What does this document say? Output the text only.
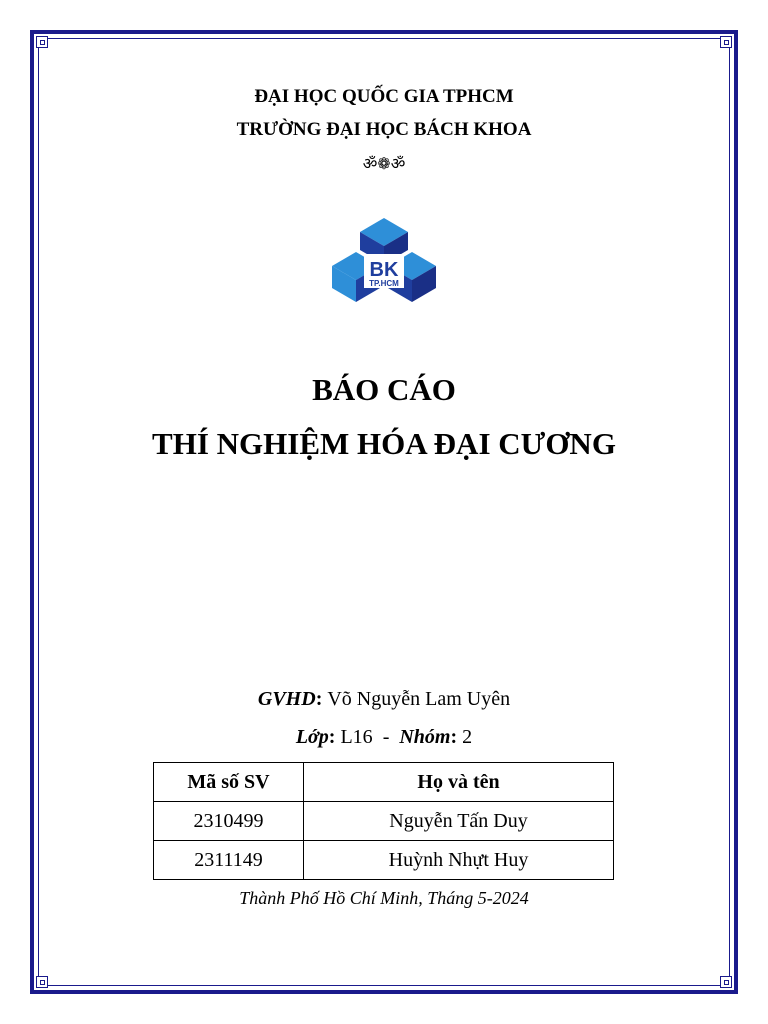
ĐẠI HỌC QUỐC GIA TPHCM
TRƯỜNG ĐẠI HỌC BÁCH KHOA
ॐ❁ॐ
BK
TP.HCM
BÁO CÁO
THÍ NGHIỆM HÓA ĐẠI CƯƠNG
GVHD: Võ Nguyễn Lam Uyên
Lớp: L16 - Nhóm: 2
Mã số SV	Họ và tên
2310499	Nguyễn Tấn Duy
2311149	Huỳnh Nhựt Huy
Thành Phố Hồ Chí Minh, Tháng 5-2024
